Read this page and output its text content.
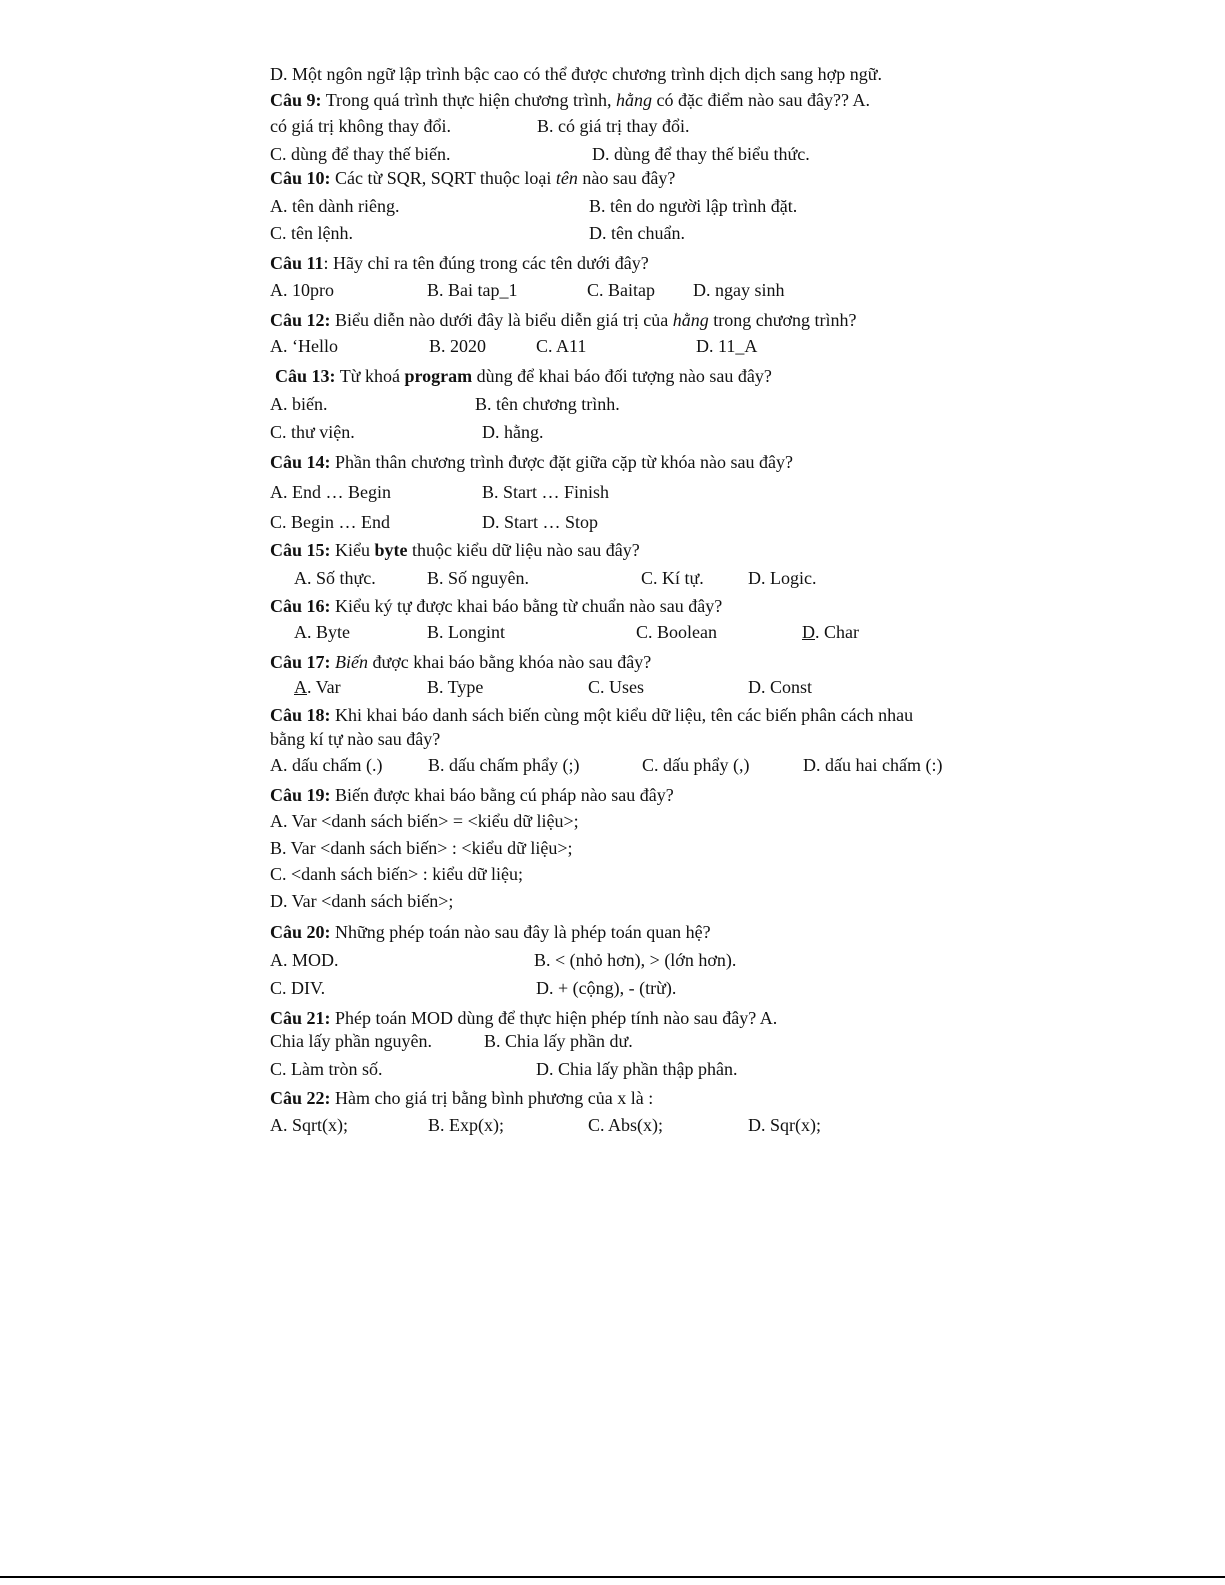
D. Một ngôn ngữ lập trình bậc cao có thể được chương trình dịch dịch sang hợp ngữ.
Câu 9: Trong quá trình thực hiện chương trình, hằng có đặc điểm nào sau đây?? A.
có giá trị không thay đổi.	B. có giá trị thay đổi.
C. dùng để thay thế biến.	D. dùng để thay thế biểu thức.
Câu 10: Các từ SQR, SQRT thuộc loại tên nào sau đây?
A. tên dành riêng.	B. tên do người lập trình đặt.
C. tên lệnh.	D. tên chuẩn.
Câu 11: Hãy chỉ ra tên đúng trong các tên dưới đây?
A. 10pro	B. Bai tap_1	C. Baitap D. ngay sinh
Câu 12: Biểu diễn nào dưới đây là biểu diễn giá trị của hằng trong chương trình?
A. ‘Hello	B. 2020	C. A11	D. 11_A
Câu 13: Từ khoá program dùng để khai báo đối tượng nào sau đây?
A. biến.	B. tên chương trình.
C. thư viện.	D. hằng.
Câu 14: Phần thân chương trình được đặt giữa cặp từ khóa nào sau đây?
A. End … Begin	B. Start … Finish
C. Begin … End	D. Start … Stop
Câu 15: Kiểu byte thuộc kiểu dữ liệu nào sau đây?
A. Số thực.	B. Số nguyên.	C. Kí tự. D. Logic.
Câu 16: Kiểu ký tự được khai báo bằng từ chuẩn nào sau đây?
A. Byte	B. Longint	C. Boolean	D. Char
Câu 17: Biến được khai báo bằng khóa nào sau đây?
A. Var	B. Type	C. Uses	D. Const
Câu 18: Khi khai báo danh sách biến cùng một kiểu dữ liệu, tên các biến phân cách nhau
bằng kí tự nào sau đây?
A. dấu chấm (.)	B. dấu chấm phẩy (;)	C. dấu phẩy (,)	D. dấu hai chấm (:)
Câu 19: Biến được khai báo bằng cú pháp nào sau đây?
A. Var <danh sách biến> = <kiểu dữ liệu>;
B. Var <danh sách biến> : <kiểu dữ liệu>;
C. <danh sách biến> : kiểu dữ liệu;
D. Var <danh sách biến>;
Câu 20: Những phép toán nào sau đây là phép toán quan hệ?
A. MOD.	B. < (nhỏ hơn), > (lớn hơn).
C. DIV.	D. + (cộng), - (trừ).
Câu 21: Phép toán MOD dùng để thực hiện phép tính nào sau đây? A.
Chia lấy phần nguyên.	B. Chia lấy phần dư.
C. Làm tròn số.	D. Chia lấy phần thập phân.
Câu 22: Hàm cho giá trị bằng bình phương của x là :
A. Sqrt(x);	B. Exp(x);	C. Abs(x);	D. Sqr(x);
